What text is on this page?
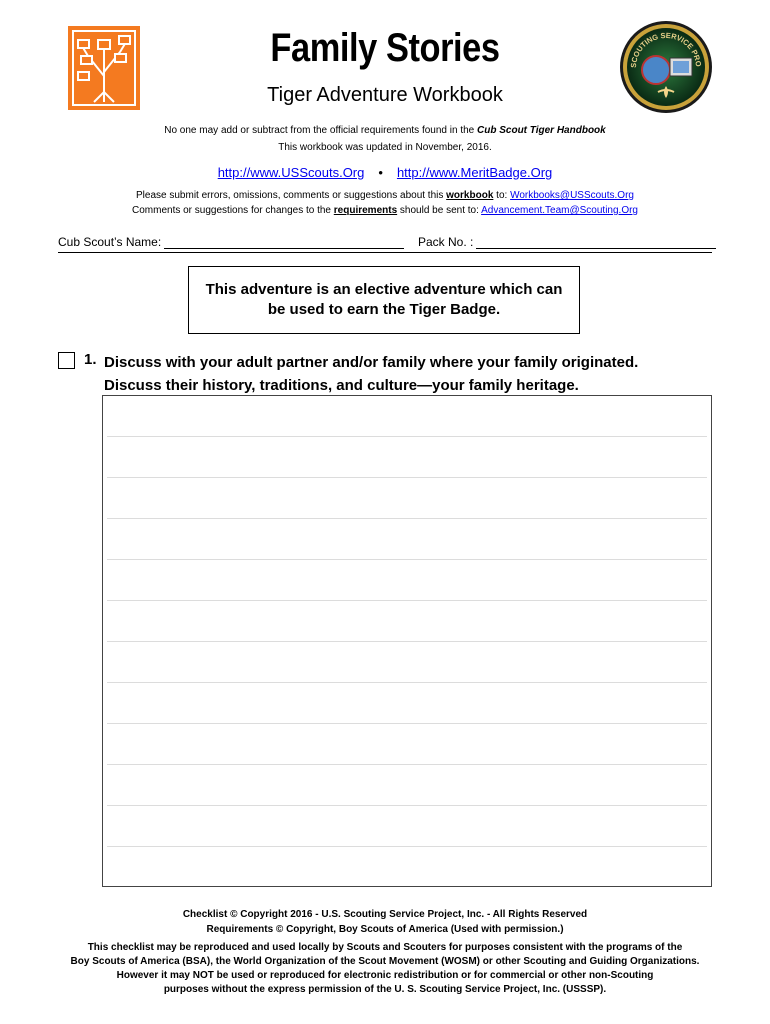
SCOUTING SERVICE PRO
Family Stories
Tiger Adventure Workbook
No one may add or subtract from the official requirements found in the Cub Scout Tiger Handbook
This workbook was updated in November, 2016.
http://www.USScouts.Org • http://www.MeritBadge.Org
Please submit errors, omissions, comments or suggestions about this workbook to: Workbooks@USScouts.Org
Comments or suggestions for changes to the requirements should be sent to: Advancement.Team@Scouting.Org
Cub Scout’s Name:	Pack No. :
This adventure is an elective adventure which can be used to earn the Tiger Badge.
1. Discuss with your adult partner and/or family where your family originated. Discuss their history, traditions, and culture—your family heritage.
Checklist © Copyright 2016 - U.S. Scouting Service Project, Inc. - All Rights Reserved
Requirements © Copyright, Boy Scouts of America (Used with permission.)
This checklist may be reproduced and used locally by Scouts and Scouters for purposes consistent with the programs of the
Boy Scouts of America (BSA), the World Organization of the Scout Movement (WOSM) or other Scouting and Guiding Organizations.
However it may NOT be used or reproduced for electronic redistribution or for commercial or other non-Scouting
purposes without the express permission of the U. S. Scouting Service Project, Inc. (USSSP).
